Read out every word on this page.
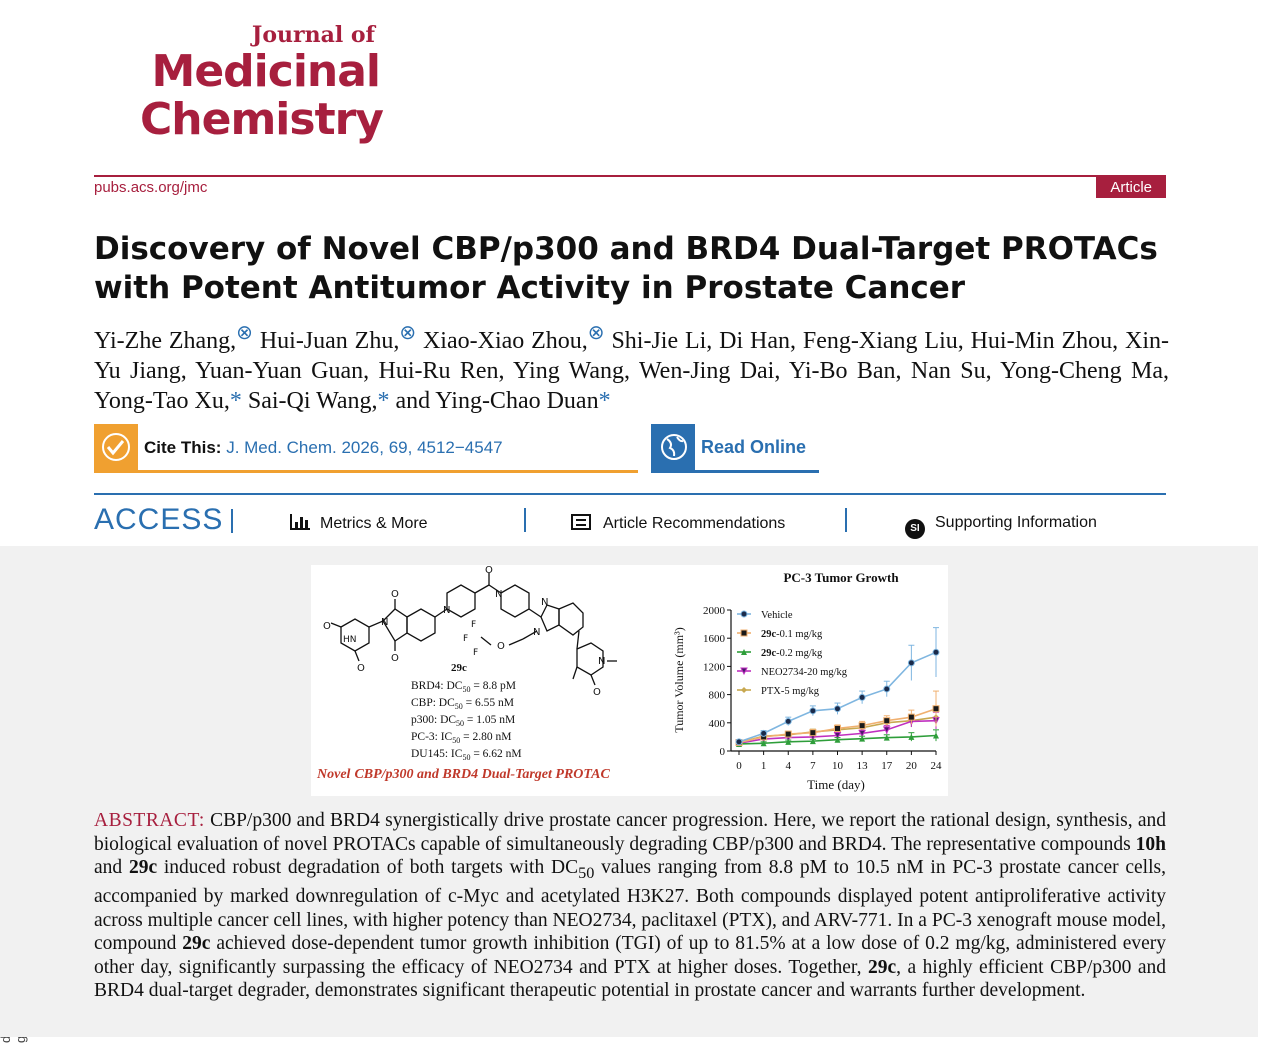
Journal of
Medicinal
Chemistry
pubs.acs.org/jmc	Article
Discovery of Novel CBP/p300 and BRD4 Dual-Target PROTACs with Potent Antitumor Activity in Prostate Cancer
Yi-Zhe Zhang,⊗ Hui-Juan Zhu,⊗ Xiao-Xiao Zhou,⊗ Shi-Jie Li, Di Han, Feng-Xiang Liu, Hui-Min Zhou, Xin-Yu Jiang, Yuan-Yuan Guan, Hui-Ru Ren, Ying Wang, Wen-Jing Dai, Yi-Bo Ban, Nan Su, Yong-Cheng Ma, Yong-Tao Xu,* Sai-Qi Wang,* and Ying-Chao Duan*
Cite This: J. Med. Chem. 2026, 69, 4512−4547	Read Online
ACCESS	Metrics & More	Article Recommendations	SI Supporting Information
O
HN
O
N
O
O
N
O
N
N
N
O
F
F
F
N
O
29c
BRD4: $DC_{50} = 8.8$ pM
CBP: $DC_{50} = 6.55$ nM
p300: $DC_{50} = 1.05$ nM
PC-3: $IC_{50} = 2.80$ nM
DU145: $IC_{50} = 6.62$ nM
Novel CBP/p300 and BRD4 Dual-Target PROTAC
PC-3 Tumor Growth
0
400
800
1200
1600
2000
0 1 4 7 10 13 17 20 24
Time (day)
Tumor Volume (mm³)
Vehicle
29c-0.1 mg/kg
29c-0.2 mg/kg
NEO2734-20 mg/kg
PTX-5 mg/kg
ABSTRACT: CBP/p300 and BRD4 synergistically drive prostate cancer progression. Here, we report the rational design, synthesis, and biological evaluation of novel PROTACs capable of simultaneously degrading CBP/p300 and BRD4. The representative compounds 10h and 29c induced robust degradation of both targets with $DC_{50}$ values ranging from 8.8 pM to 10.5 nM in PC-3 prostate cancer cells, accompanied by marked downregulation of c-Myc and acetylated H3K27. Both compounds displayed potent antiproliferative activity across multiple cancer cell lines, with higher potency than NEO2734, paclitaxel (PTX), and ARV-771. In a PC-3 xenograft mouse model, compound 29c achieved dose-dependent tumor growth inhibition (TGI) of up to 81.5% at a low dose of 0.2 mg/kg, administered every other day, significantly surpassing the efficacy of NEO2734 and PTX at higher doses. Together, 29c, a highly efficient CBP/p300 and BRD4 dual-target degrader, demonstrates significant therapeutic potential in prostate cancer and warrants further development.
